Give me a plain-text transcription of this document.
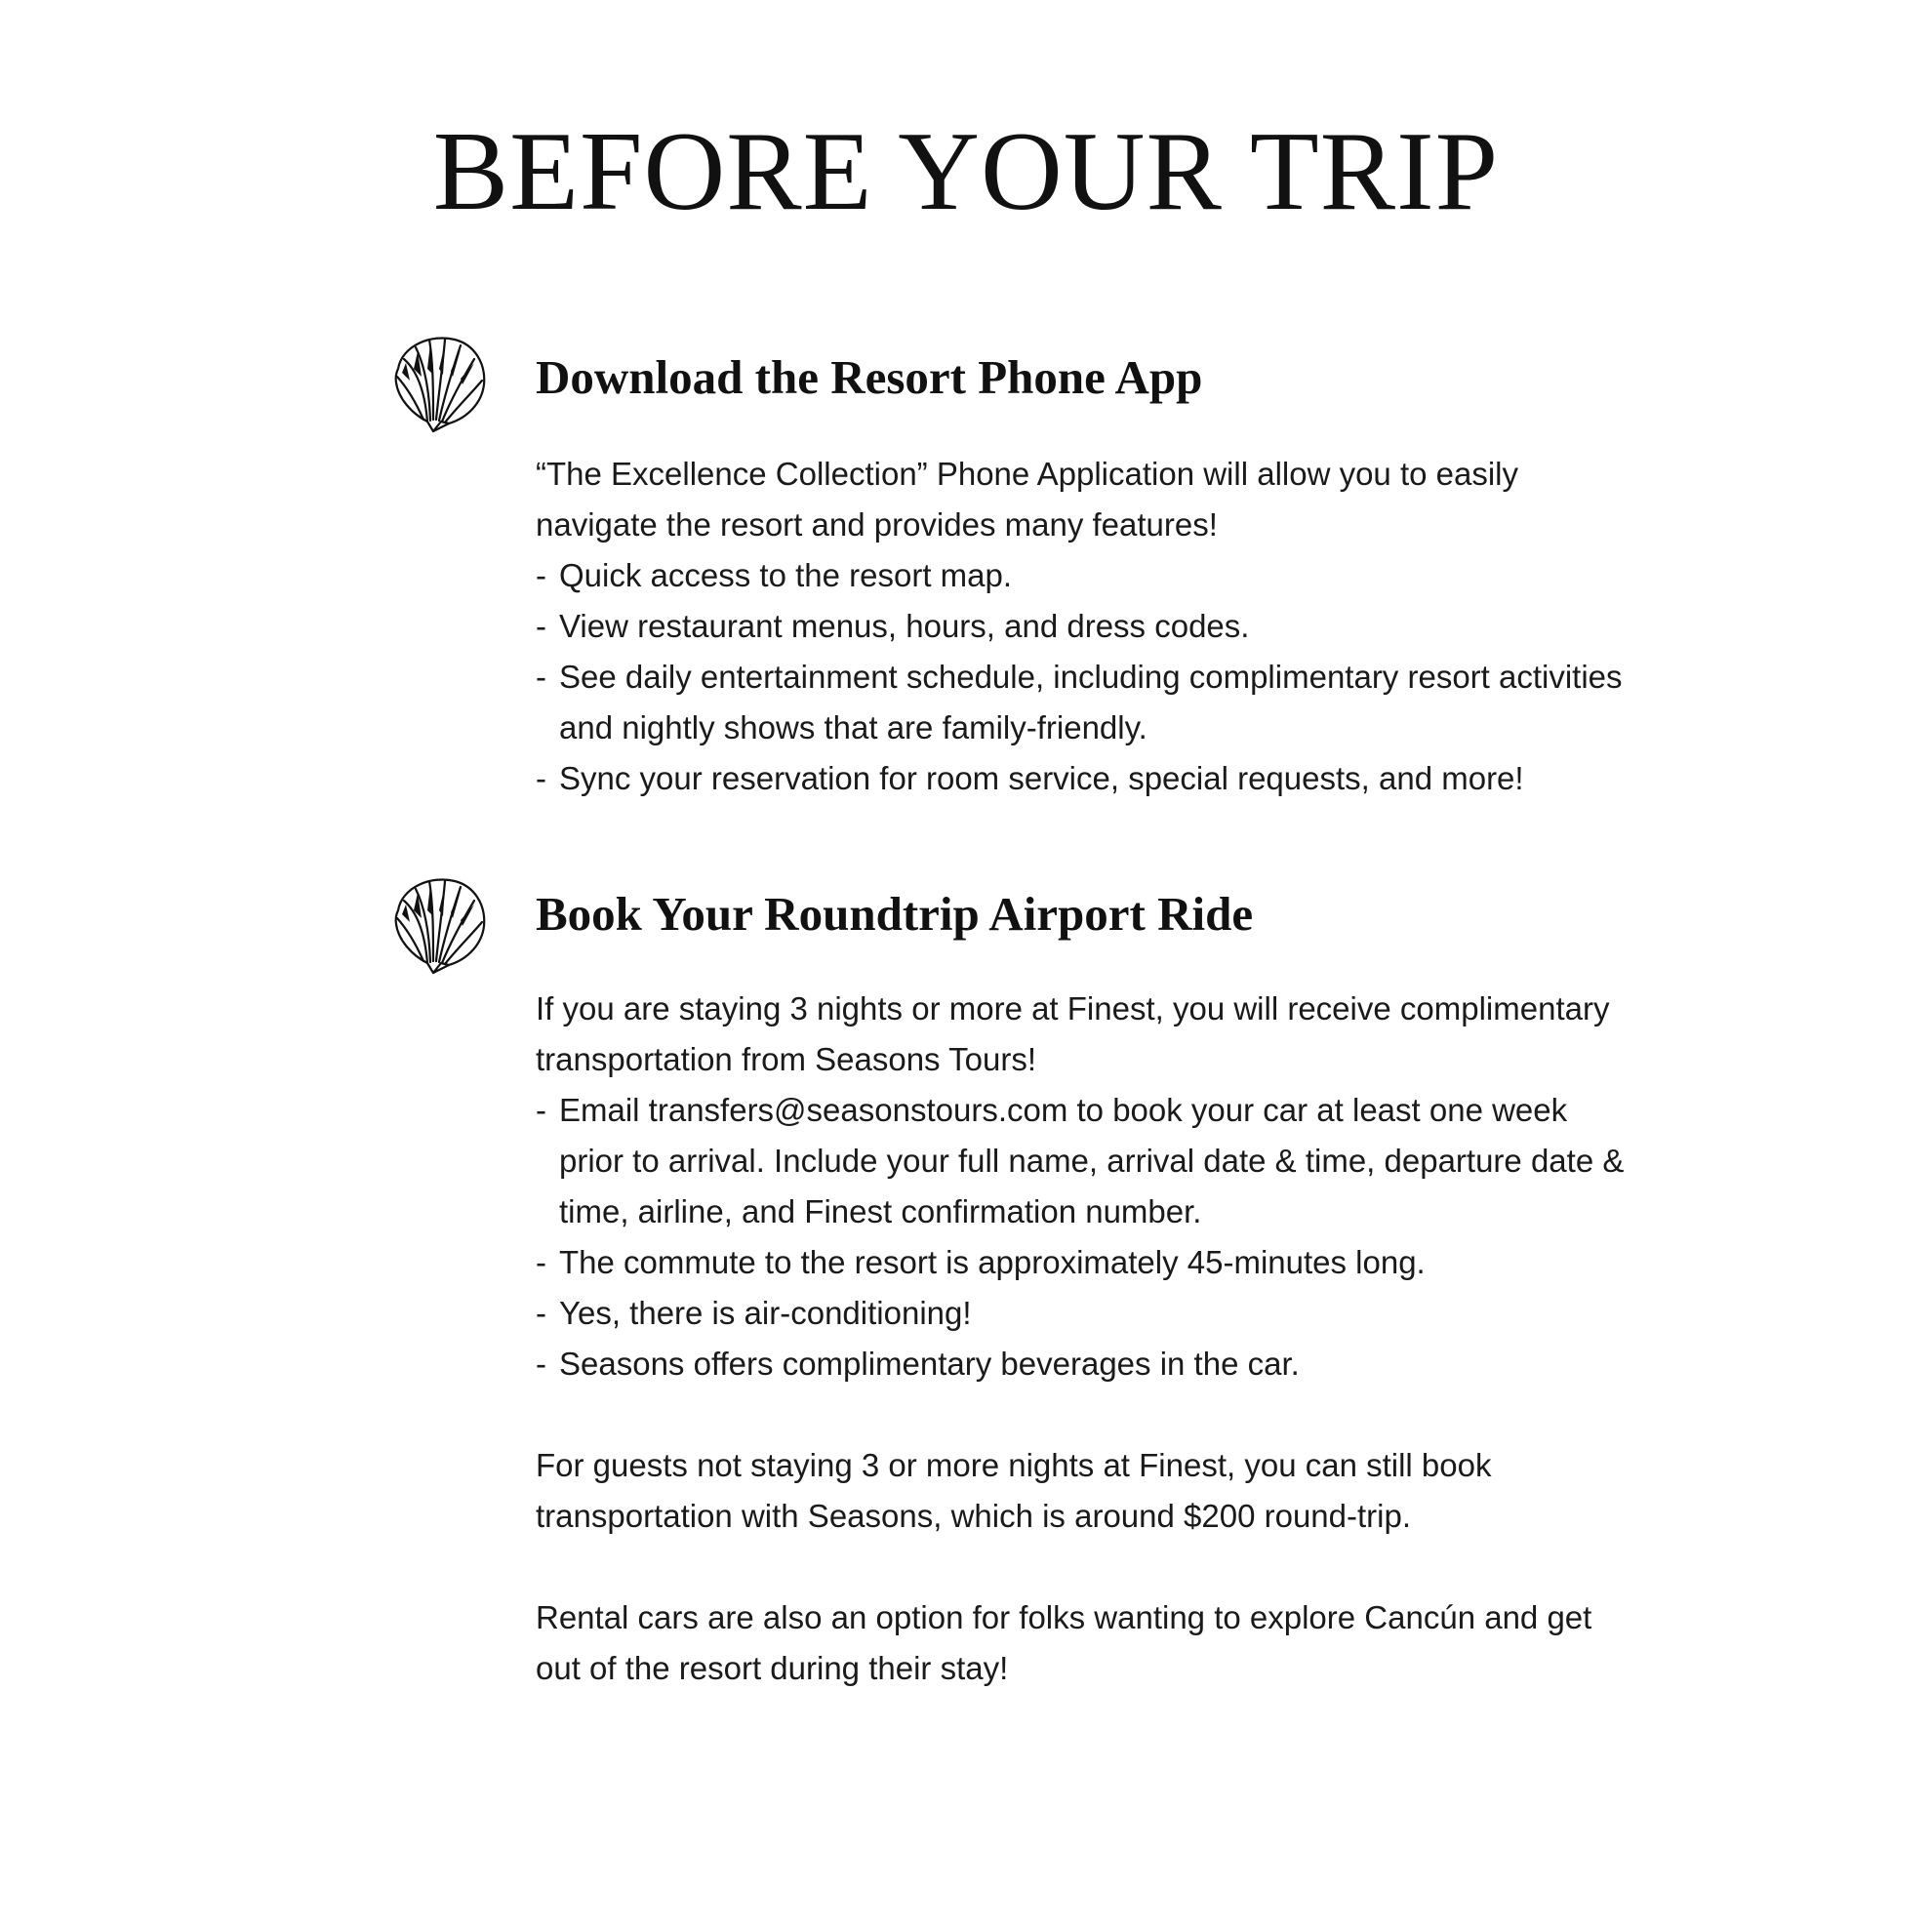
BEFORE YOUR TRIP
Download the Resort Phone App

“The Excellence Collection” Phone Application will allow you to easily navigate the resort and provides many features!

- Quick access to the resort map.
- View restaurant menus, hours, and dress codes.
- See daily entertainment schedule, including complimentary resort activities and nightly shows that are family-friendly.
- Sync your reservation for room service, special requests, and more!
Book Your Roundtrip Airport Ride

If you are staying 3 nights or more at Finest, you will receive complimentary transportation from Seasons Tours!

- Email transfers@seasonstours.com to book your car at least one week prior to arrival. Include your full name, arrival date & time, departure date & time, airline, and Finest confirmation number.
- The commute to the resort is approximately 45-minutes long.
- Yes, there is air-conditioning!
- Seasons offers complimentary beverages in the car.

For guests not staying 3 or more nights at Finest, you can still book transportation with Seasons, which is around $200 round-trip.

Rental cars are also an option for folks wanting to explore Cancún and get out of the resort during their stay!
